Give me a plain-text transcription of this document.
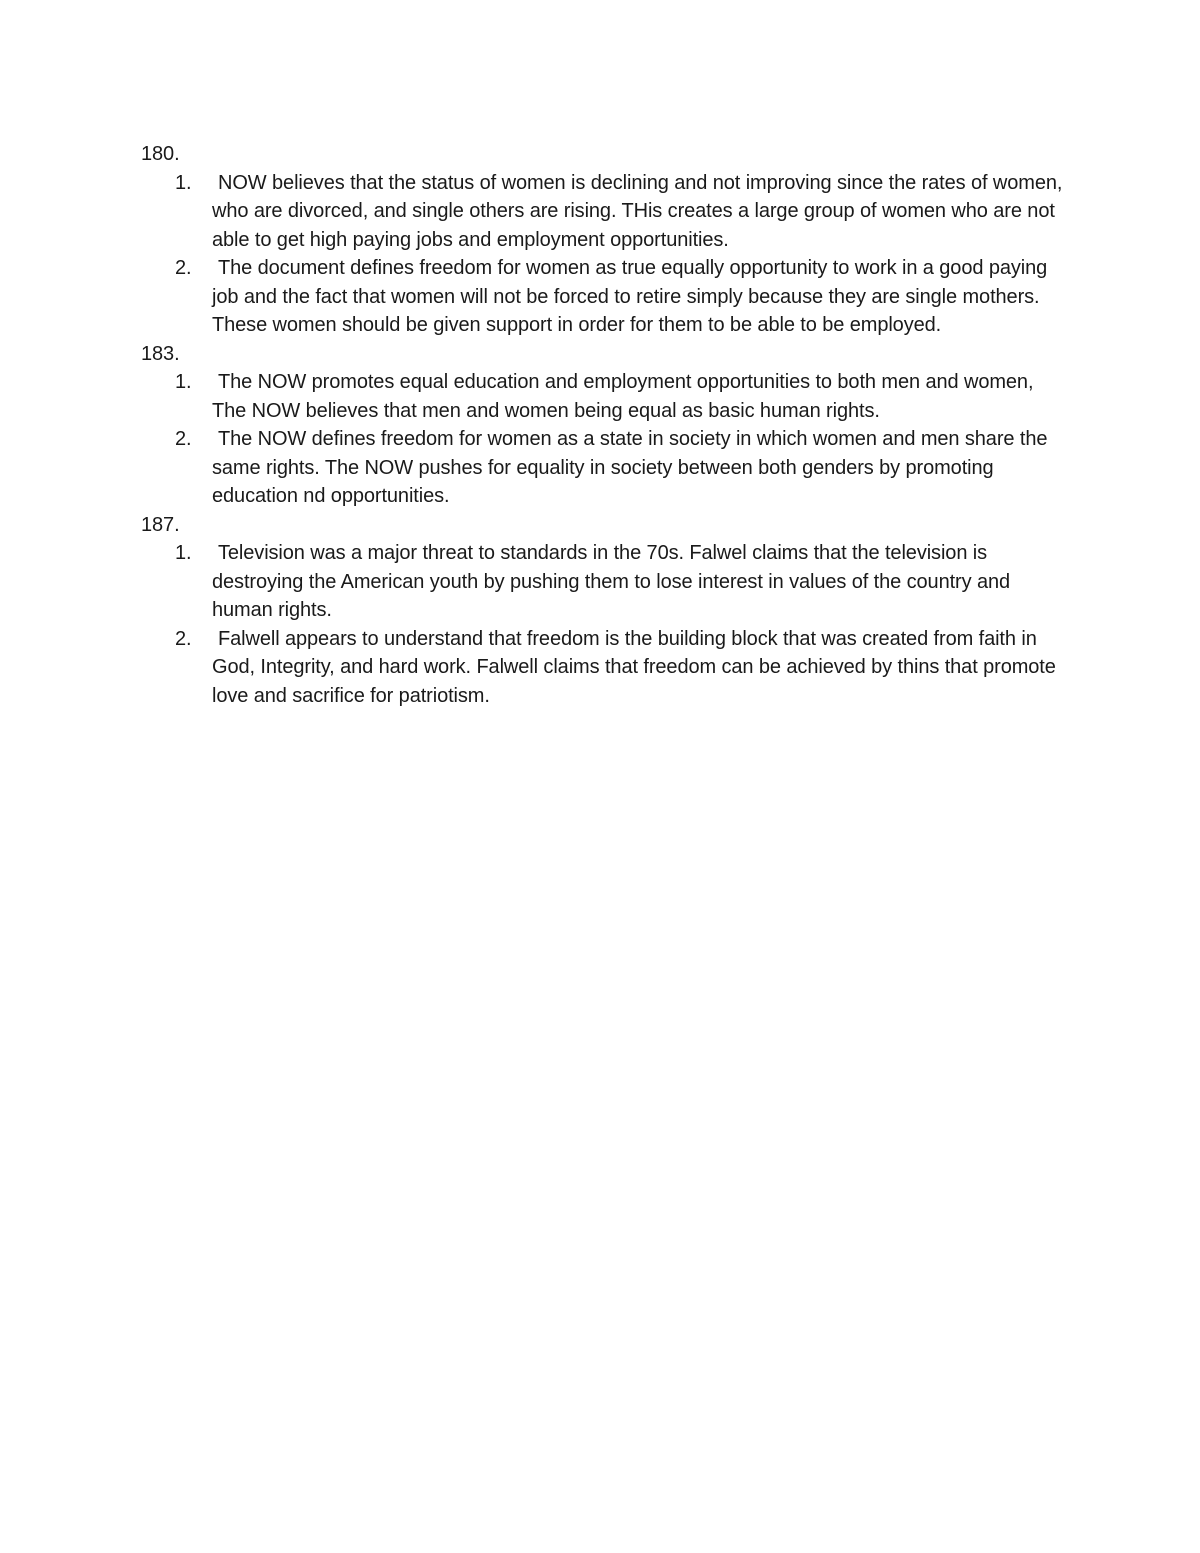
180.
1.	NOW believes that the status of women is declining and not improving since the rates of women, who are divorced, and single others are rising. THis creates a large group of women who are not able to get high paying jobs and employment opportunities.
2.	The document defines freedom for women as true equally opportunity to work in a good paying job and the fact that women will not be forced to retire simply because they are single mothers. These women should be given support in order for them to be able to be employed.
183.
1.	The NOW promotes equal education and employment opportunities to both men and women, The NOW believes that men and women being equal as basic human rights.
2.	The NOW defines freedom for women as a state in society in which women and men share the same rights. The NOW pushes for equality in society between both genders by promoting education nd opportunities.
187.
1.	Television was a major threat to standards in the 70s. Falwel claims that the television is destroying the American youth by pushing them to lose interest in values of the country and human rights.
2.	Falwell appears to understand that freedom is the building block that was created from faith in God, Integrity, and hard work. Falwell claims that freedom can be achieved by thins that promote love and sacrifice for patriotism.
